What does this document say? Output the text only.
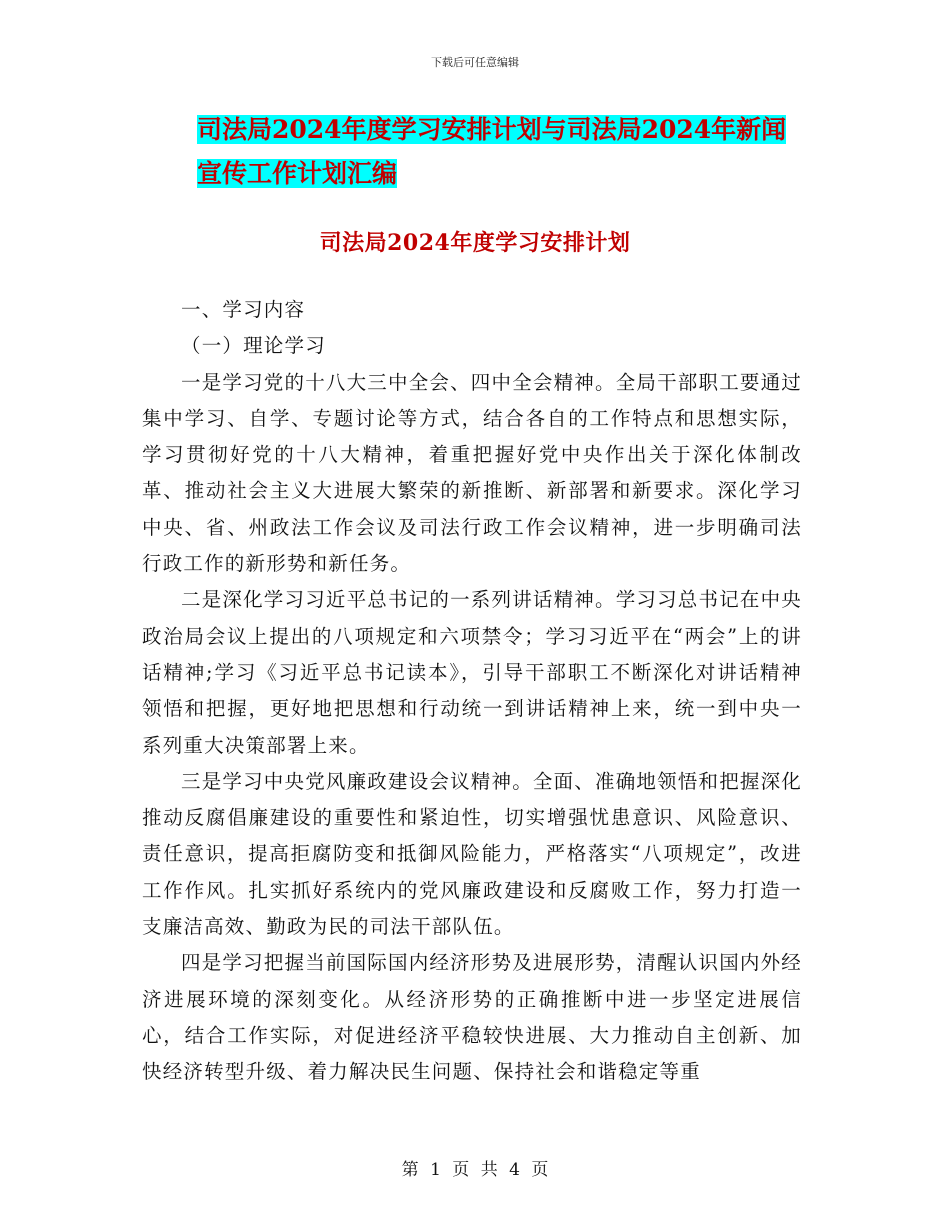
下载后可任意编辑
司法局2024年度学习安排计划与司法局2024年新闻
宣传工作计划汇编
司法局2024年度学习安排计划

一、学习内容

（一）理论学习

一是学习党的十八大三中全会、四中全会精神。全局干部职工要通过集中学习、自学、专题讨论等方式，结合各自的工作特点和思想实际，学习贯彻好党的十八大精神，着重把握好党中央作出关于深化体制改革、推动社会主义大进展大繁荣的新推断、新部署和新要求。深化学习中央、省、州政法工作会议及司法行政工作会议精神，进一步明确司法行政工作的新形势和新任务。

二是深化学习习近平总书记的一系列讲话精神。学习习总书记在中央政治局会议上提出的八项规定和六项禁令；学习习近平在“两会”上的讲话精神;学习《习近平总书记读本》，引导干部职工不断深化对讲话精神领悟和把握，更好地把思想和行动统一到讲话精神上来，统一到中央一系列重大决策部署上来。

三是学习中央党风廉政建设会议精神。全面、准确地领悟和把握深化推动反腐倡廉建设的重要性和紧迫性，切实增强忧患意识、风险意识、责任意识，提高拒腐防变和抵御风险能力，严格落实“八项规定”，改进工作作风。扎实抓好系统内的党风廉政建设和反腐败工作，努力打造一支廉洁高效、勤政为民的司法干部队伍。

四是学习把握当前国际国内经济形势及进展形势，清醒认识国内外经济进展环境的深刻变化。从经济形势的正确推断中进一步坚定进展信心，结合工作实际，对促进经济平稳较快进展、大力推动自主创新、加快经济转型升级、着力解决民生问题、保持社会和谐稳定等重

第 1 页 共 4 页
